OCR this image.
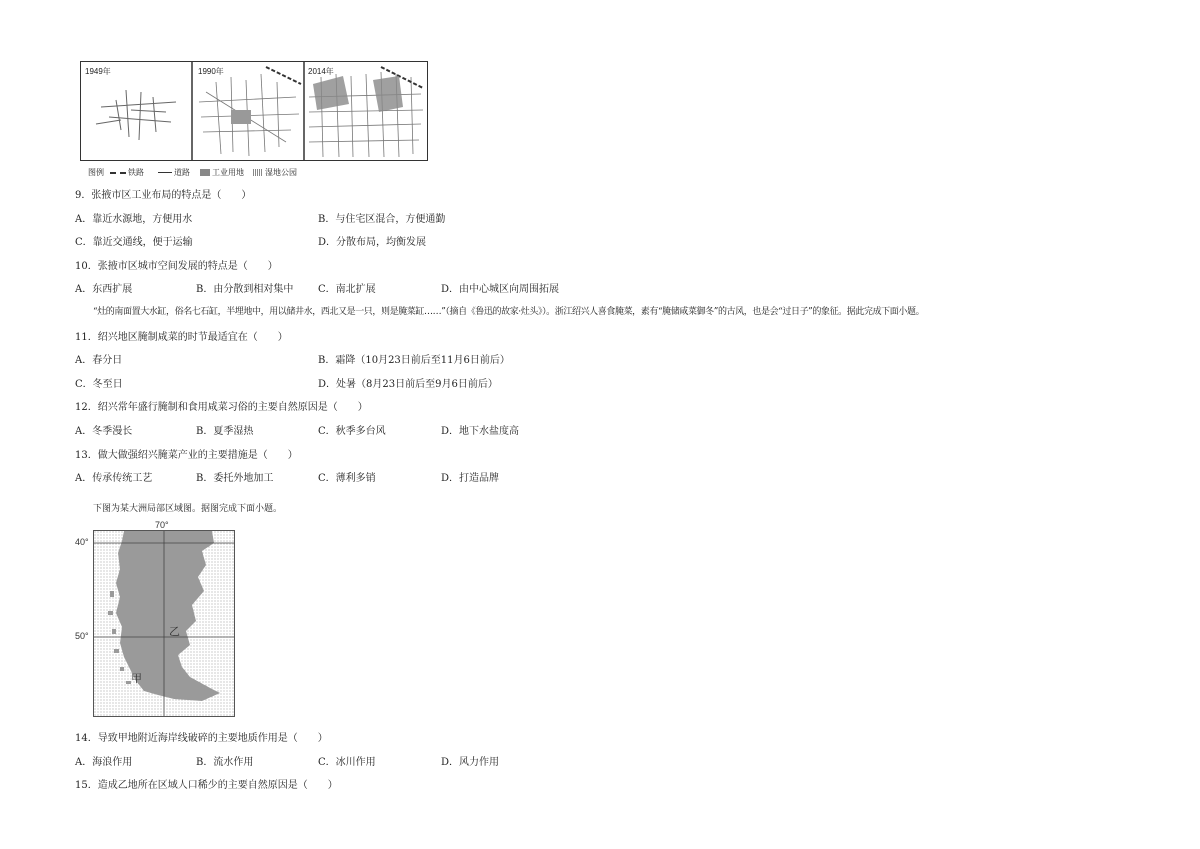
1949年	1990年	2014年
图例	铁路	道路	工业用地	湿地公园
9．张掖市区工业布局的特点是（　　）
A．靠近水源地，方便用水	B．与住宅区混合，方便通勤
C．靠近交通线，便于运输	D．分散布局，均衡发展
10．张掖市区城市空间发展的特点是（　　）
A．东西扩展	B．由分散到相对集中 C．南北扩展	D．由中心城区向周围拓展
“灶的南面置大水缸，俗名七石缸，半埋地中，用以储井水，西北又是一只，则是腌菜缸……”（摘自《鲁迅的故家·灶头》）。浙江绍兴人喜食腌菜，素有“腌储咸菜御冬”的古风，也是会“过日子”的象征。据此完成下面小题。
11．绍兴地区腌制咸菜的时节最适宜在（　　）
A．春分日	B．霜降（10月23日前后至11月6日前后）
C．冬至日	D．处暑（8月23日前后至9月6日前后）
12．绍兴常年盛行腌制和食用咸菜习俗的主要自然原因是（　　）
A．冬季漫长	B．夏季湿热	C．秋季多台风	D．地下水盐度高
13．做大做强绍兴腌菜产业的主要措施是（　　）
A．传承传统工艺	B．委托外地加工	C．薄利多销	D．打造品牌
下图为某大洲局部区域图。据图完成下面小题。
乙
甲
70°
40°
50°
14．导致甲地附近海岸线破碎的主要地质作用是（　　）
A．海浪作用	B．流水作用	C．冰川作用	D．风力作用
15．造成乙地所在区域人口稀少的主要自然原因是（　　）
